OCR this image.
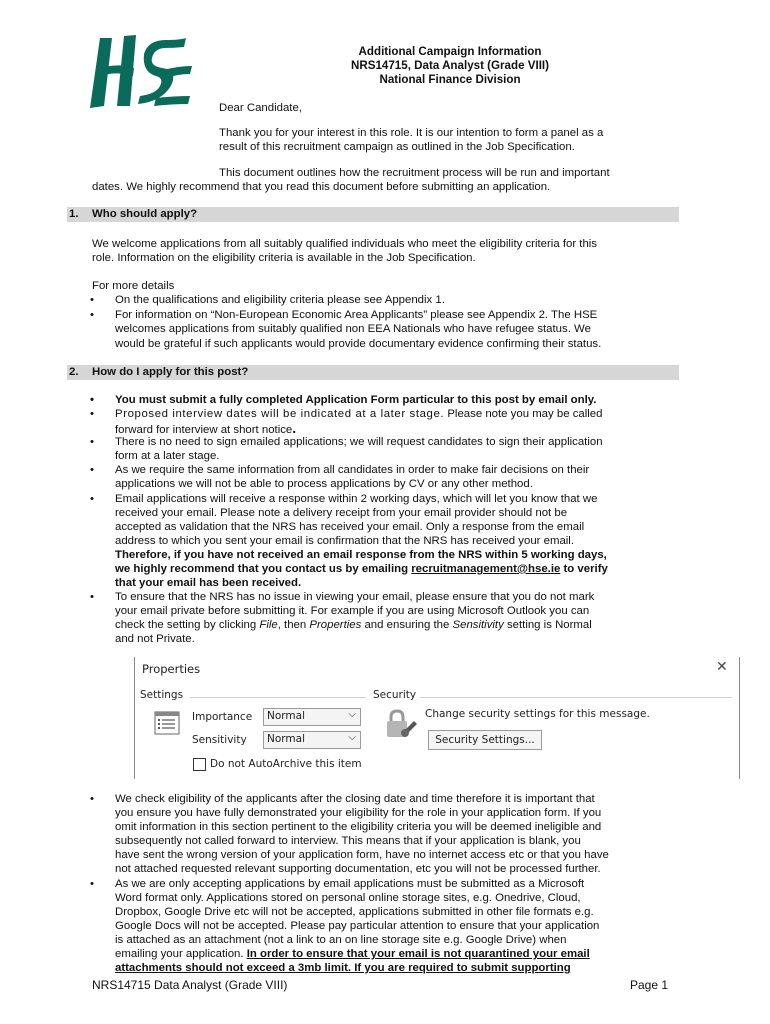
Additional Campaign Information
NRS14715, Data Analyst (Grade VIII)
National Finance Division
Dear Candidate,
Thank you for your interest in this role. It is our intention to form a panel as a
result of this recruitment campaign as outlined in the Job Specification.
This document outlines how the recruitment process will be run and important
dates. We highly recommend that you read this document before submitting an application.
1. Who should apply?
We welcome applications from all suitably qualified individuals who meet the eligibility criteria for this
role. Information on the eligibility criteria is available in the Job Specification.
For more details
• On the qualifications and eligibility criteria please see Appendix 1.
• For information on “Non-European Economic Area Applicants” please see Appendix 2. The HSE
welcomes applications from suitably qualified non EEA Nationals who have refugee status. We
would be grateful if such applicants would provide documentary evidence confirming their status.
2. How do I apply for this post?
• You must submit a fully completed Application Form particular to this post by email only.
• Proposed interview dates will be indicated at a later stage. Please note you may be called
forward for interview at short notice.
• There is no need to sign emailed applications; we will request candidates to sign their application
form at a later stage.
• As we require the same information from all candidates in order to make fair decisions on their
applications we will not be able to process applications by CV or any other method.
• Email applications will receive a response within 2 working days, which will let you know that we
received your email. Please note a delivery receipt from your email provider should not be
accepted as validation that the NRS has received your email. Only a response from the email
address to which you sent your email is confirmation that the NRS has received your email.
Therefore, if you have not received an email response from the NRS within 5 working days,
we highly recommend that you contact us by emailing recruitmanagement@hse.ie to verify
that your email has been received.
• To ensure that the NRS has no issue in viewing your email, please ensure that you do not mark
your email private before submitting it. For example if you are using Microsoft Outlook you can
check the setting by clicking File, then Properties and ensuring the Sensitivity setting is Normal
and not Private.
Properties	✕
Settings	Security
Importance Normal	⌵
Sensitivity Normal	⌵
Change security settings for this message.
Security Settings...
Do not AutoArchive this item
• We check eligibility of the applicants after the closing date and time therefore it is important that
you ensure you have fully demonstrated your eligibility for the role in your application form. If you
omit information in this section pertinent to the eligibility criteria you will be deemed ineligible and
subsequently not called forward to interview. This means that if your application is blank, you
have sent the wrong version of your application form, have no internet access etc or that you have
not attached requested relevant supporting documentation, etc you will not be processed further.
• As we are only accepting applications by email applications must be submitted as a Microsoft
Word format only. Applications stored on personal online storage sites, e.g. Onedrive, Cloud,
Dropbox, Google Drive etc will not be accepted, applications submitted in other file formats e.g.
Google Docs will not be accepted. Please pay particular attention to ensure that your application
is attached as an attachment (not a link to an on line storage site e.g. Google Drive) when
emailing your application. In order to ensure that your email is not quarantined your email
attachments should not exceed a 3mb limit. If you are required to submit supporting
NRS14715 Data Analyst (Grade VIII)	Page 1
